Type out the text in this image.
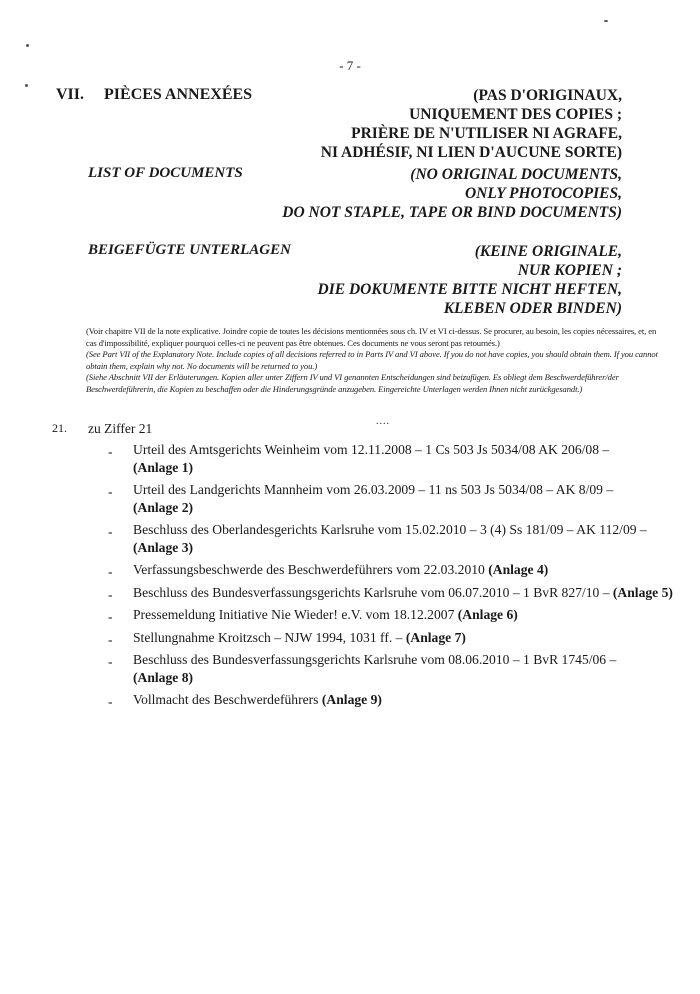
- 7 -
VII. PIÈCES ANNEXÉES	(PAS D'ORIGINAUX,
UNIQUEMENT DES COPIES ;
PRIÈRE DE N'UTILISER NI AGRAFE,
NI ADHÉSIF, NI LIEN D'AUCUNE SORTE)
LIST OF DOCUMENTS	(NO ORIGINAL DOCUMENTS,
ONLY PHOTOCOPIES,
DO NOT STAPLE, TAPE OR BIND DOCUMENTS)
BEIGEFÜGTE UNTERLAGEN	(KEINE ORIGINALE,
NUR KOPIEN ;
DIE DOKUMENTE BITTE NICHT HEFTEN,
KLEBEN ODER BINDEN)
(Voir chapitre VII de la note explicative. Joindre copie de toutes les décisions mentionnées sous ch. IV et VI ci-dessus. Se procurer, au besoin, les copies nécessaires, et, en cas d'impossibilité, expliquer pourquoi celles-ci ne peuvent pas être obtenues. Ces documents ne vous seront pas retournés.)
(See Part VII of the Explanatory Note. Include copies of all decisions referred to in Parts IV and VI above. If you do not have copies, you should obtain them. If you cannot obtain them, explain why not. No documents will be returned to you.)
(Siehe Abschnitt VII der Erläuterungen. Kopien aller unter Ziffern IV und VI genannten Entscheidungen sind beizufügen. Es obliegt dem Beschwerdeführer/der Beschwerdeführerin, die Kopien zu beschaffen oder die Hinderungsgründe anzugeben. Eingereichte Unterlagen werden Ihnen nicht zurückgesandt.)
21. zu Ziffer 21	....
- Urteil des Amtsgerichts Weinheim vom 12.11.2008 – 1 Cs 503 Js 5034/08 AK 206/08 –
(Anlage 1)
- Urteil des Landgerichts Mannheim vom 26.03.2009 – 11 ns 503 Js 5034/08 – AK 8/09 –
(Anlage 2)
- Beschluss des Oberlandesgerichts Karlsruhe vom 15.02.2010 – 3 (4) Ss 181/09 – AK 112/09 –
(Anlage 3)
- Verfassungsbeschwerde des Beschwerdeführers vom 22.03.2010 (Anlage 4)
- Beschluss des Bundesverfassungsgerichts Karlsruhe vom 06.07.2010 – 1 BvR 827/10 – (Anlage 5)
- Pressemeldung Initiative Nie Wieder! e.V. vom 18.12.2007 (Anlage 6)
- Stellungnahme Kroitzsch – NJW 1994, 1031 ff. – (Anlage 7)
- Beschluss des Bundesverfassungsgerichts Karlsruhe vom 08.06.2010 – 1 BvR 1745/06 –
(Anlage 8)
- Vollmacht des Beschwerdeführers (Anlage 9)
